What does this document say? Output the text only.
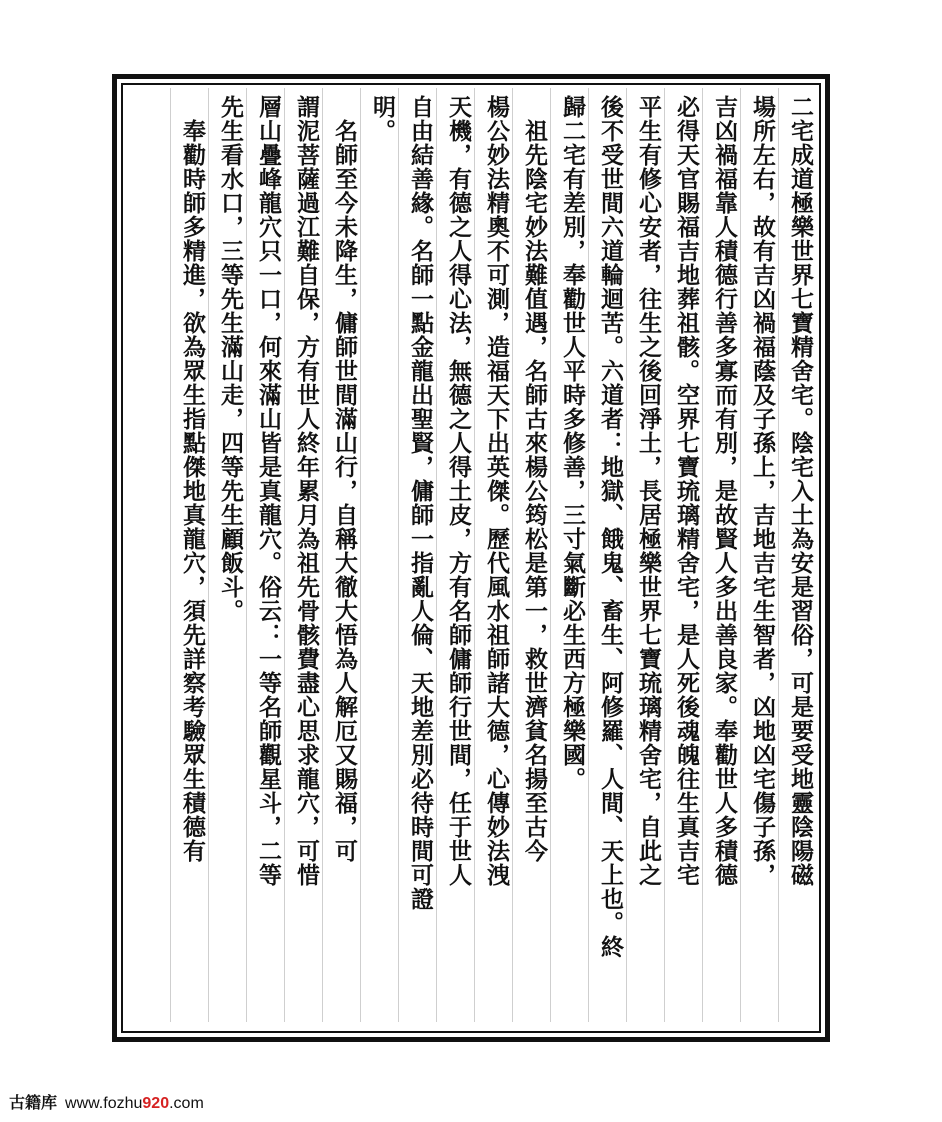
二宅成道極樂世界七寶精舍宅。陰宅入土為安是習俗，可是要受地靈陰陽磁
場所左右，故有吉凶禍福蔭及子孫上，吉地吉宅生智者，凶地凶宅傷子孫，
吉凶禍福靠人積德行善多寡而有別，是故賢人多出善良家。奉勸世人多積德
必得天官賜福吉地葬祖骸。空界七寶琉璃精舍宅，是人死後魂魄往生真吉宅
平生有修心安者，往生之後回淨土，長居極樂世界七寶琉璃精舍宅，自此之
後不受世間六道輪迴苦。六道者：地獄、餓鬼、畜生、阿修羅、人間、天上也。終
歸二宅有差別，奉勸世人平時多修善，三寸氣斷必生西方極樂國。
　祖先陰宅妙法難值遇，名師古來楊公筠松是第一，救世濟貧名揚至古今
楊公妙法精奧不可測，造福天下出英傑。歷代風水祖師諸大德，心傳妙法洩
天機，有德之人得心法，無德之人得土皮，方有名師傭師行世間，任于世人
自由結善緣。名師一點金龍出聖賢，傭師一指亂人倫、天地差別必待時間可證
明。
　名師至今未降生，傭師世間滿山行，自稱大徹大悟為人解厄又賜福，可
謂泥菩薩過江難自保，方有世人終年累月為祖先骨骸費盡心思求龍穴，可惜
層山疊峰龍穴只一口，何來滿山皆是真龍穴。俗云：一等名師觀星斗，二等
先生看水口，三等先生滿山走，四等先生顧飯斗。
　奉勸時師多精進，欲為眾生指點傑地真龍穴，須先詳察考驗眾生積德有
古籍库 www.fozhu920.com
